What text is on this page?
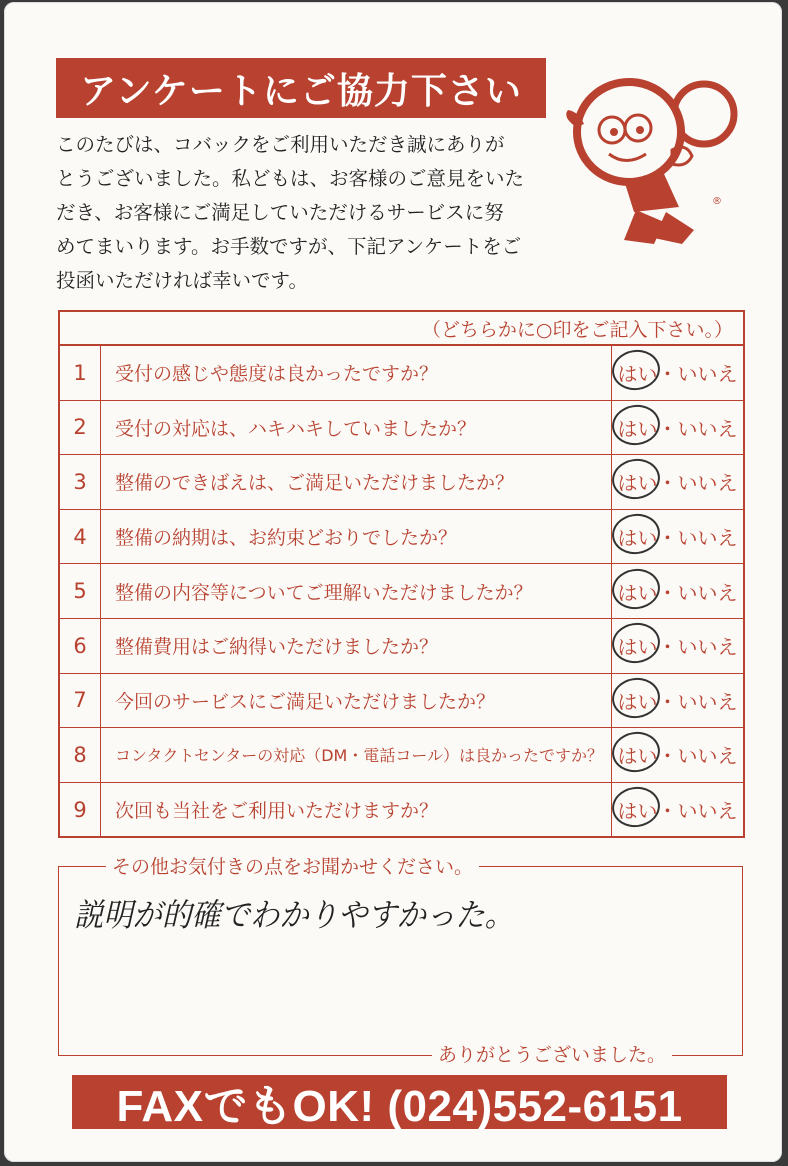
アンケートにご協力下さい
このたびは、コバックをご利用いただき誠にありが
とうございました。私どもは、お客様のご意見をいた
だき、お客様にご満足していただけるサービスに努
めてまいります。お手数ですが、下記アンケートをご
投函いただければ幸いです。
®
（どちらかに○印をご記入下さい。）
1	受付の感じや態度は良かったですか？	はい ・ いいえ
2	受付の対応は、ハキハキしていましたか？	はい ・ いいえ
3	整備のできばえは、ご満足いただけましたか？	はい ・ いいえ
4	整備の納期は、お約束どおりでしたか？	はい ・ いいえ
5	整備の内容等についてご理解いただけましたか？	はい ・ いいえ
6	整備費用はご納得いただけましたか？	はい ・ いいえ
7	今回のサービスにご満足いただけましたか？	はい ・ いいえ
8	コンタクトセンターの対応（DM・電話コール）は良かったですか？ はい ・ いいえ
9	次回も当社をご利用いただけますか？	はい ・ いいえ
その他お気付きの点をお聞かせください。
説明が的確でわかりやすかった。
ありがとうございました。
FAXでもOK! (024)552-6151
